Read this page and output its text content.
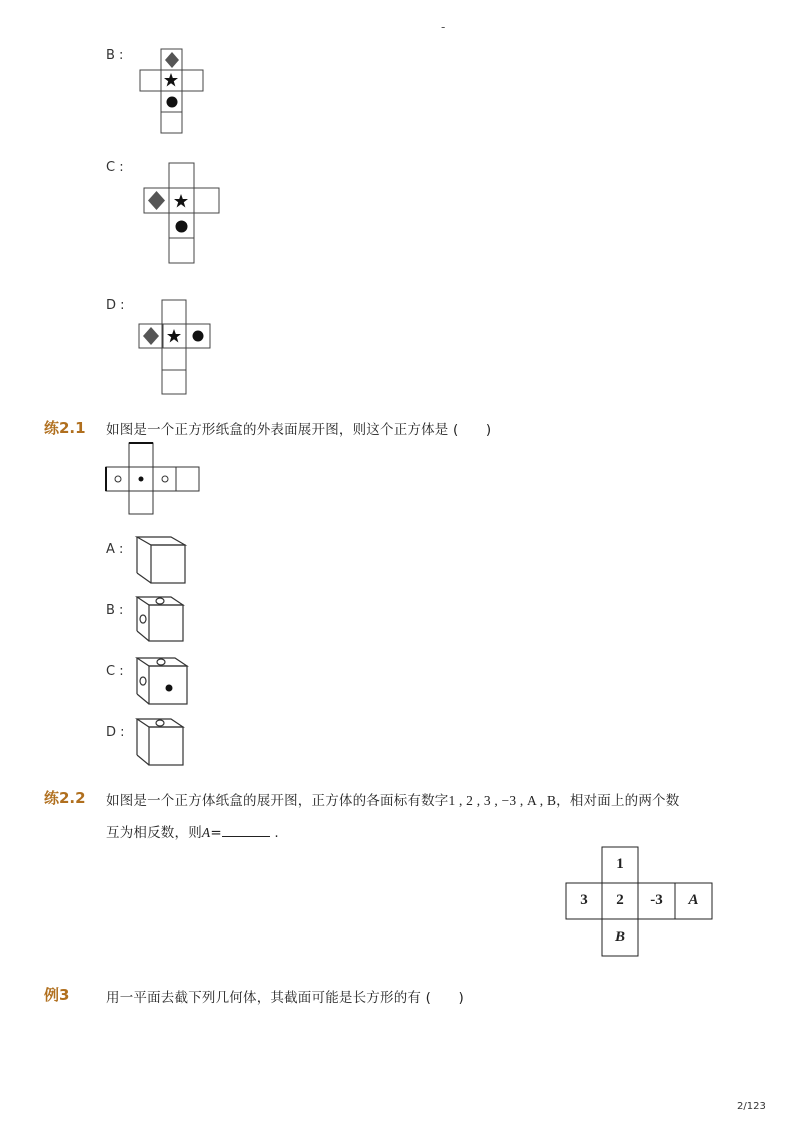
-
B :
C :
D :
练2.1 如图是一个正方形纸盒的外表面展开图，则这个正方体是 (　　)
A :
B :
C :
D :
练2.2 如图是一个正方体纸盒的展开图，正方体的各面标有数字1 , 2 , 3 , −3 , A , B，相对面上的两个数
互为相反数，则A=	.
1
3	2	-3	A
B
例3	用一平面去截下列几何体，其截面可能是长方形的有 (　　)
2/123
